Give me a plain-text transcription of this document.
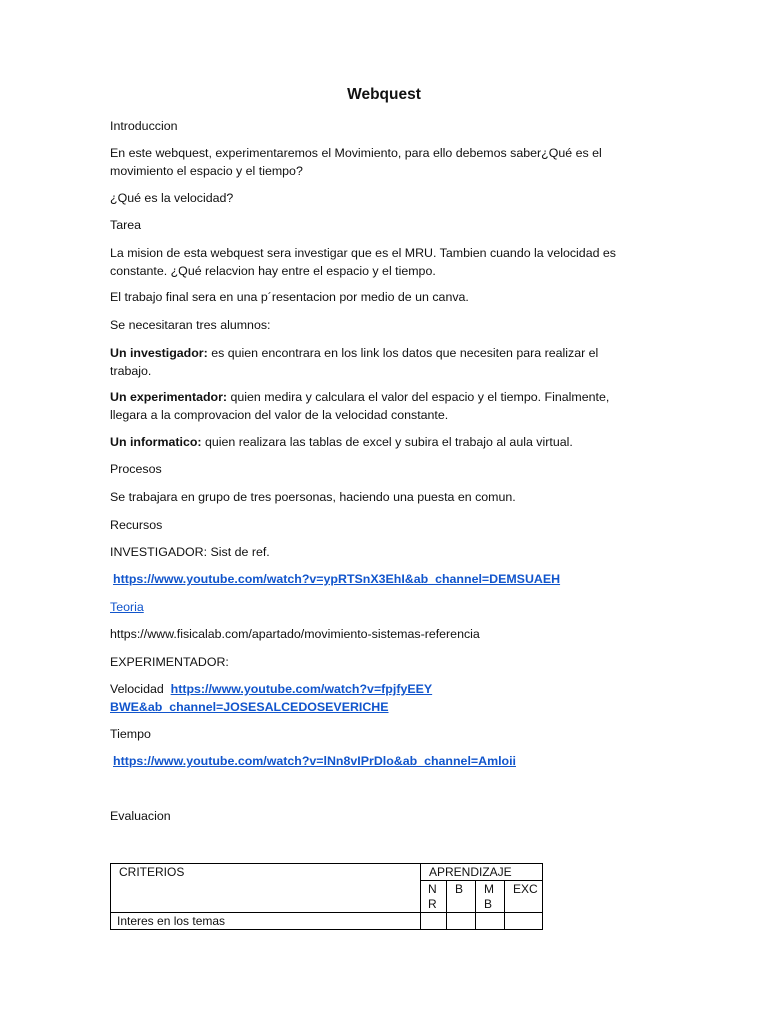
Webquest
Introduccion
En este webquest, experimentaremos el Movimiento, para ello debemos saber¿Qué es el movimiento el espacio y el tiempo?
¿Qué es la velocidad?
Tarea
La mision de esta webquest sera investigar que es el MRU. Tambien cuando la velocidad es constante. ¿Qué relacvion hay entre el espacio y el tiempo.
El trabajo final sera en una p´resentacion por medio de un canva.
Se necesitaran tres alumnos:
Un investigador: es quien encontrara en los link los datos que necesiten para realizar el trabajo.
Un experimentador: quien medira y calculara el valor del espacio y el tiempo. Finalmente, llegara a la comprovacion del valor de la velocidad constante.
Un informatico: quien realizara las tablas de excel y subira el trabajo al aula virtual.
Procesos
Se trabajara en grupo de tres poersonas, haciendo una puesta en comun.
Recursos
INVESTIGADOR: Sist de ref.
https://www.youtube.com/watch?v=ypRTSnX3EhI&ab_channel=DEMSUAEH
Teoria
https://www.fisicalab.com/apartado/movimiento-sistemas-referencia
EXPERIMENTADOR:
Velocidad https://www.youtube.com/watch?v=fpjfyEEYBWE&ab_channel=JOSESALCEDOSEVERICHE
Tiempo
https://www.youtube.com/watch?v=lNn8vIPrDlo&ab_channel=Amloii
Evaluacion
CRITERIOS	APRENDIZAJE			
	N R	B	M B	EXC
Interes en los temas				
